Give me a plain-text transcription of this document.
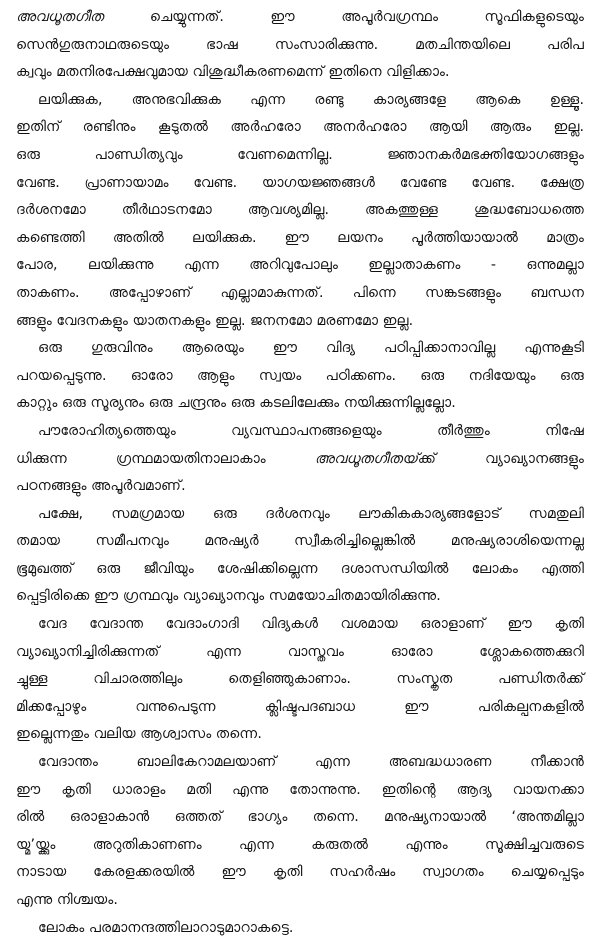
അവധൂതഗീത ചെയ്യുന്നത്. ഈ അപൂർവഗ്രന്ഥം സൂഫികളുടെയും
സെൻഗുരുനാഥരുടെയും ഭാഷ സംസാരിക്കുന്നു. മതചിന്തയിലെ പരിപ
ക്വവും മതനിരപേക്ഷവുമായ വിശുദ്ധീകരണമെന്ന് ഇതിനെ വിളിക്കാം.
ലയിക്കുക, അനുഭവിക്കുക എന്ന രണ്ടു കാര്യങ്ങളേ ആകെ ഉള്ളൂ.
ഇതിന് രണ്ടിനും കൂടുതൽ അർഹരോ അനർഹരോ ആയി ആരും ഇല്ല.
ഒരു പാണ്ഡിത്യവും വേണമെന്നില്ല. ജ്ഞാനകർമഭക്തിയോഗങ്ങളും
വേണ്ട. പ്രാണായാമം വേണ്ട. യാഗയജ്ഞങ്ങൾ വേണ്ടേ വേണ്ട. ക്ഷേത്ര
ദർശനമോ തീർഥാടനമോ ആവശ്യമില്ല. അകത്തുള്ള ശുദ്ധബോധത്തെ
കണ്ടെത്തി അതിൽ ലയിക്കുക. ഈ ലയനം പൂർത്തിയായാൽ മാത്രം
പോര, ലയിക്കുന്നു എന്ന അറിവുപോലും ഇല്ലാതാകണം - ഒന്നുമല്ലാ
താകണം. അപ്പോഴാണ് എല്ലാമാകുന്നത്. പിന്നെ സങ്കടങ്ങളും ബന്ധന
ങ്ങളും വേദനകളും യാതനകളും ഇല്ല. ജനനമോ മരണമോ ഇല്ല.
ഒരു ഗുരുവിനും ആരെയും ഈ വിദ്യ പഠിപ്പിക്കാനാവില്ല എന്നുകൂടി
പറയപ്പെടുന്നു. ഓരോ ആളും സ്വയം പഠിക്കണം. ഒരു നദിയേയും ഒരു
കാറ്റും ഒരു സൂര്യനും ഒരു ചന്ദ്രനും ഒരു കടലിലേക്കും നയിക്കുന്നില്ലല്ലോ.
പൗരോഹിത്യത്തെയും വ്യവസ്ഥാപനങ്ങളെയും തീർത്തും നിഷേ
ധിക്കുന്ന ഗ്രന്ഥമായതിനാലാകാം അവധൂതഗീതയ്ക്ക് വ്യാഖ്യാനങ്ങളും
പഠനങ്ങളും അപൂർവമാണ്.
പക്ഷേ, സമഗ്രമായ ഒരു ദർശനവും ലൗകികകാര്യങ്ങളോട് സമതുലി
തമായ സമീപനവും മനുഷ്യർ സ്വീകരിച്ചില്ലെങ്കിൽ മനുഷ്യരാശിയെന്നല്ല
ഭൂമുഖത്ത് ഒരു ജീവിയും ശേഷിക്കില്ലെന്ന ദശാസന്ധിയിൽ ലോകം എത്തി
പ്പെട്ടിരിക്കെ ഈ ഗ്രന്ഥവും വ്യാഖ്യാനവും സമയോചിതമായിരിക്കുന്നു.
വേദ വേദാന്ത വേദാംഗാദി വിദ്യകൾ വശമായ ഒരാളാണ് ഈ കൃതി
വ്യാഖ്യാനിച്ചിരിക്കുന്നത് എന്ന വാസ്തവം ഓരോ ശ്ലോകത്തെക്കുറി
ച്ചുള്ള വിചാരത്തിലും തെളിഞ്ഞുകാണാം. സംസ്കൃത പണ്ഡിതർക്ക്
മിക്കപ്പോഴും വന്നുപെടുന്ന ക്ലിഷ്ടപദബാധ ഈ പരികല്പനകളിൽ
ഇല്ലെന്നതും വലിയ ആശ്വാസം തന്നെ.
വേദാന്തം ബാലികേറാമലയാണ് എന്ന അബദ്ധധാരണ നീക്കാൻ
ഈ കൃതി ധാരാളം മതി എന്നു തോന്നുന്നു. ഇതിന്റെ ആദ്യ വായനക്കാ
രിൽ ഒരാളാകാൻ ഒത്തത് ഭാഗ്യം തന്നെ. മനുഷ്യനായാൽ ‘അന്തമില്ലാ
യ്മ’യ്ക്കും അറുതികാണണം എന്ന കരുതൽ എന്നും സൂക്ഷിച്ചവരുടെ
നാടായ കേരളക്കരയിൽ ഈ കൃതി സഹർഷം സ്വാഗതം ചെയ്യപ്പെടും
എന്നു നിശ്ചയം.
ലോകം പരമാനന്ദത്തിലാറാടുമാറാകട്ടെ.
